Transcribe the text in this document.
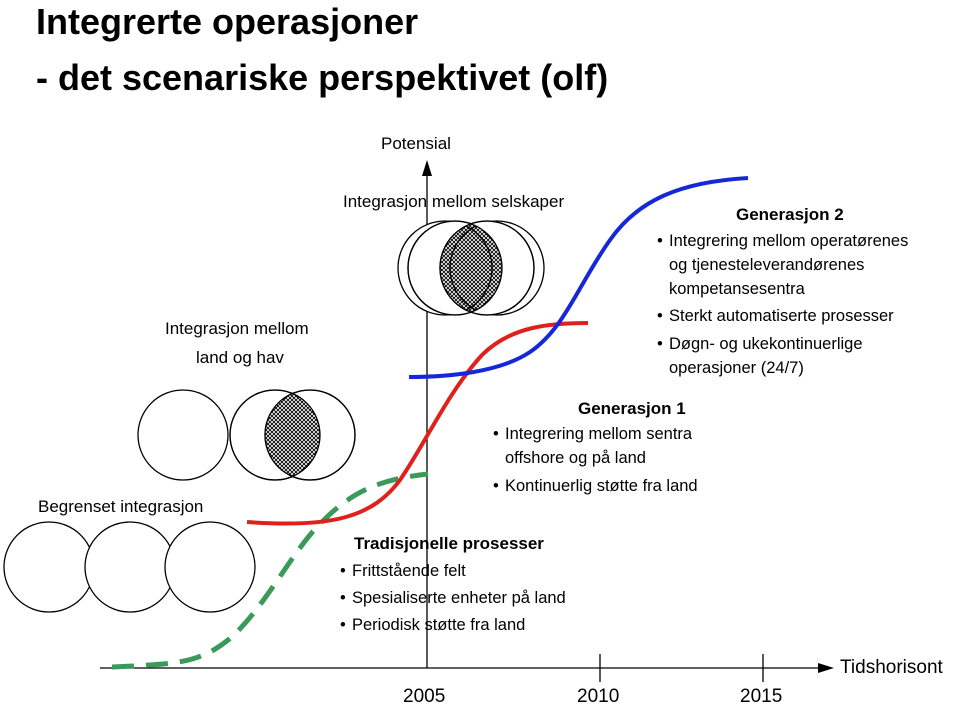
Integrerte operasjoner
- det scenariske perspektivet (olf)
Potensial
Tidshorisont
2005	2010	2015
Begrenset integrasjon
Integrasjon mellom
land og hav
Integrasjon mellom selskaper
Tradisjonelle prosesser
• Frittstående felt
• Spesialiserte enheter på land
• Periodisk støtte fra land
Generasjon 1
• Integrering mellom sentra
offshore og på land
• Kontinuerlig støtte fra land
Generasjon 2
• Integrering mellom operatørenes
og tjenesteleverandørenes
kompetansesentra
• Sterkt automatiserte prosesser
• Døgn- og ukekontinuerlige
operasjoner (24/7)
